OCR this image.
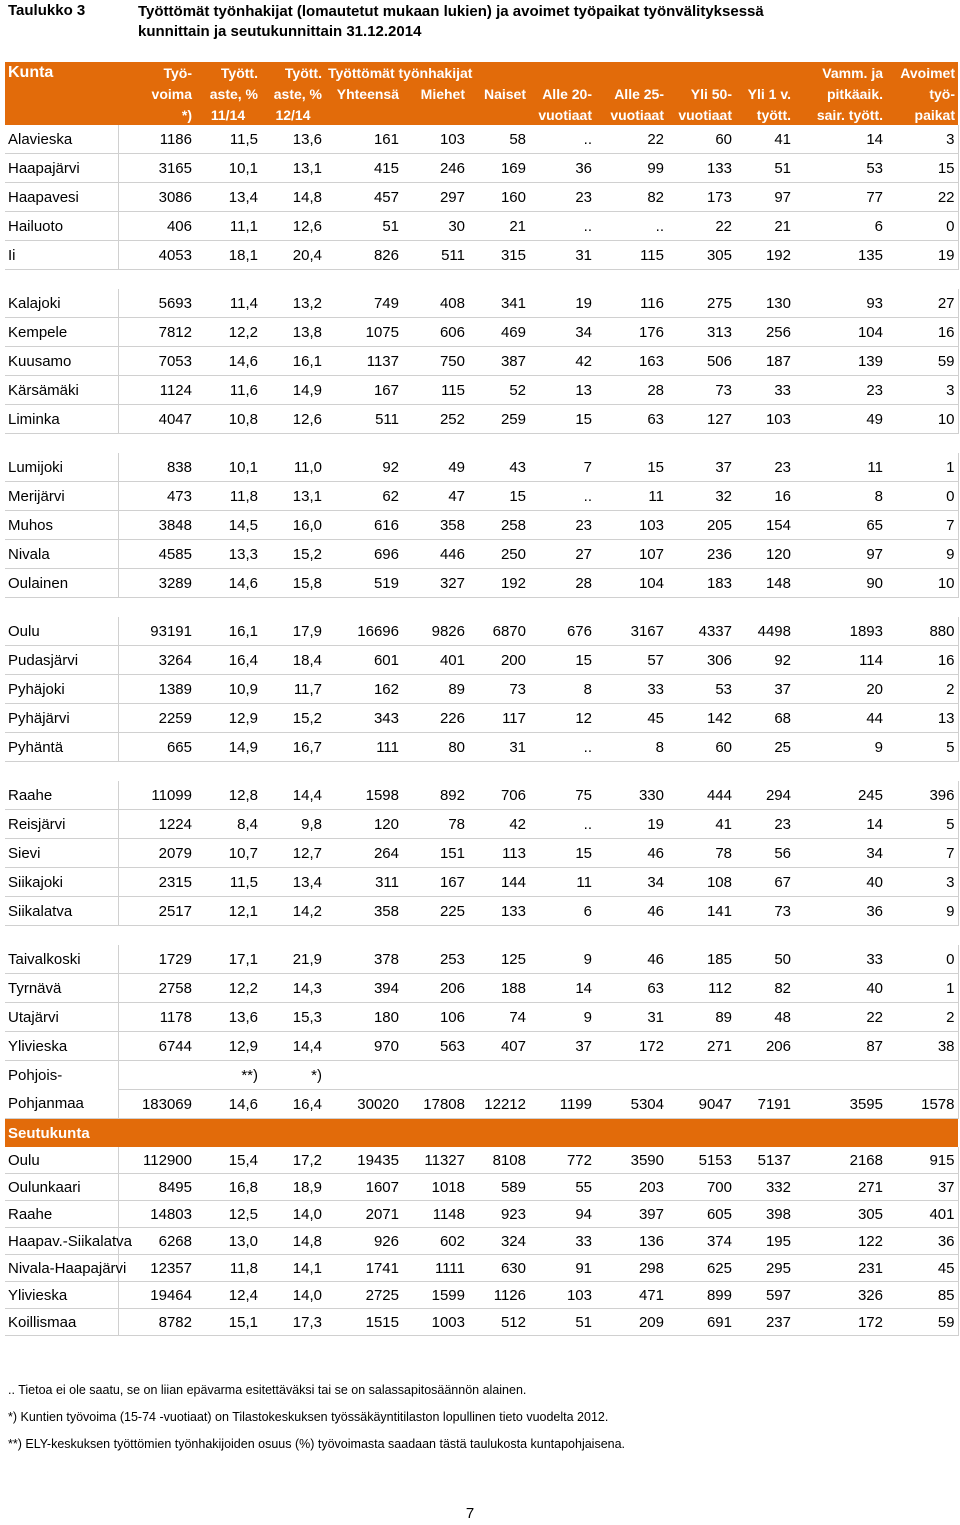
Taulukko 3	Työttömät työnhakijat (lomautetut mukaan lukien) ja avoimet työpaikat työnvälityksessä
kunnittain ja seutukunnittain 31.12.2014
Kunta	Työ-	Tyött.	Tyött.	Työttömät työnhakijat							Vamm. ja	Avoimet
	voima	aste, %	aste, %	Yhteensä	Miehet	Naiset	Alle 20-	Alle 25-	Yli 50-	Yli 1 v.	pitkäaik.	työ-
	*)	11/14	12/14				vuotiaat	vuotiaat	vuotiaat	tyött.	sair. tyött.	paikat
Alavieska	1186	11,5	13,6	161	103	58	..	22	60	41	14	3
Haapajärvi	3165	10,1	13,1	415	246	169	36	99	133	51	53	15
Haapavesi	3086	13,4	14,8	457	297	160	23	82	173	97	77	22
Hailuoto	406	11,1	12,6	51	30	21	..	..	22	21	6	0
Ii	4053	18,1	20,4	826	511	315	31	115	305	192	135	19

Kalajoki	5693	11,4	13,2	749	408	341	19	116	275	130	93	27
Kempele	7812	12,2	13,8	1075	606	469	34	176	313	256	104	16
Kuusamo	7053	14,6	16,1	1137	750	387	42	163	506	187	139	59
Kärsämäki	1124	11,6	14,9	167	115	52	13	28	73	33	23	3
Liminka	4047	10,8	12,6	511	252	259	15	63	127	103	49	10

Lumijoki	838	10,1	11,0	92	49	43	7	15	37	23	11	1
Merijärvi	473	11,8	13,1	62	47	15	..	11	32	16	8	0
Muhos	3848	14,5	16,0	616	358	258	23	103	205	154	65	7
Nivala	4585	13,3	15,2	696	446	250	27	107	236	120	97	9
Oulainen	3289	14,6	15,8	519	327	192	28	104	183	148	90	10

Oulu	93191	16,1	17,9	16696	9826	6870	676	3167	4337	4498	1893	880
Pudasjärvi	3264	16,4	18,4	601	401	200	15	57	306	92	114	16
Pyhäjoki	1389	10,9	11,7	162	89	73	8	33	53	37	20	2
Pyhäjärvi	2259	12,9	15,2	343	226	117	12	45	142	68	44	13
Pyhäntä	665	14,9	16,7	111	80	31	..	8	60	25	9	5

Raahe	11099	12,8	14,4	1598	892	706	75	330	444	294	245	396
Reisjärvi	1224	8,4	9,8	120	78	42	..	19	41	23	14	5
Sievi	2079	10,7	12,7	264	151	113	15	46	78	56	34	7
Siikajoki	2315	11,5	13,4	311	167	144	11	34	108	67	40	3
Siikalatva	2517	12,1	14,2	358	225	133	6	46	141	73	36	9

Taivalkoski	1729	17,1	21,9	378	253	125	9	46	185	50	33	0
Tyrnävä	2758	12,2	14,3	394	206	188	14	63	112	82	40	1
Utajärvi	1178	13,6	15,3	180	106	74	9	31	89	48	22	2
Ylivieska	6744	12,9	14,4	970	563	407	37	172	271	206	87	38
Pohjois-		**)	*)									
Pohjanmaa	183069	14,6	16,4	30020	17808	12212	1199	5304	9047	7191	3595	1578
Seutukunta												
Oulu	112900	15,4	17,2	19435	11327	8108	772	3590	5153	5137	2168	915
Oulunkaari	8495	16,8	18,9	1607	1018	589	55	203	700	332	271	37
Raahe	14803	12,5	14,0	2071	1148	923	94	397	605	398	305	401
Haapav.-Siikalatva	6268	13,0	14,8	926	602	324	33	136	374	195	122	36
Nivala-Haapajärvi	12357	11,8	14,1	1741	1111	630	91	298	625	295	231	45
Ylivieska	19464	12,4	14,0	2725	1599	1126	103	471	899	597	326	85
Koillismaa	8782	15,1	17,3	1515	1003	512	51	209	691	237	172	59
.. Tietoa ei ole saatu, se on liian epävarma esitettäväksi tai se on salassapitosäännön alainen.
*) Kuntien työvoima (15-74 -vuotiaat) on Tilastokeskuksen työssäkäyntitilaston lopullinen tieto vuodelta 2012.
**) ELY-keskuksen työttömien työnhakijoiden osuus (%) työvoimasta saadaan tästä taulukosta kuntapohjaisena.
7
